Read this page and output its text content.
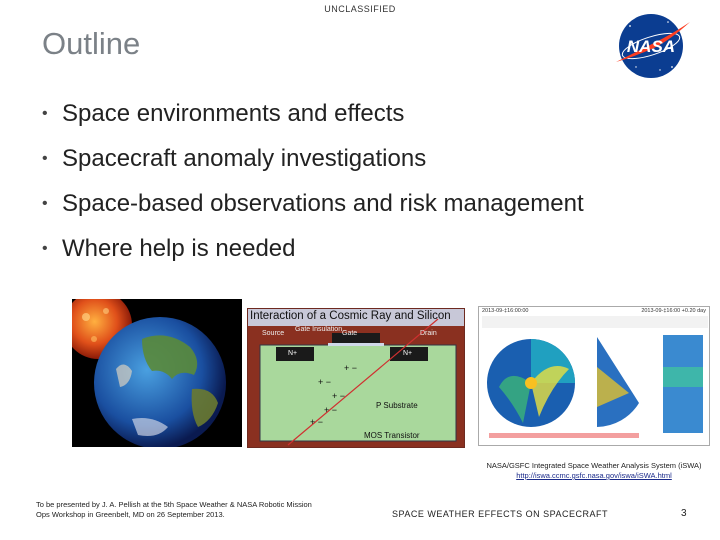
UNCLASSIFIED
Outline	NASA
• Space environments and effects
• Spacecraft anomaly investigations
• Space-based observations and risk management
• Where help is needed
+ −
+ −
+ −
+ −
+ −
Interaction of a Cosmic Ray and Silicon
Source
Gate Insulation
Gate	Drain
N+	N+
P Substrate
MOS Transistor
2013-09-‡16:00:00	2013-09-‡16:00 +0.20 day
NASA/GSFC Integrated Space Weather Analysis System (iSWA)
http://iswa.ccmc.gsfc.nasa.gov/iswa/iSWA.html
To be presented by J. A. Pellish at the 5th Space Weather & NASA Robotic Mission Ops Workshop in Greenbelt, MD on 26 September 2013.	SPACE WEATHER EFFECTS ON SPACECRAFT	3
